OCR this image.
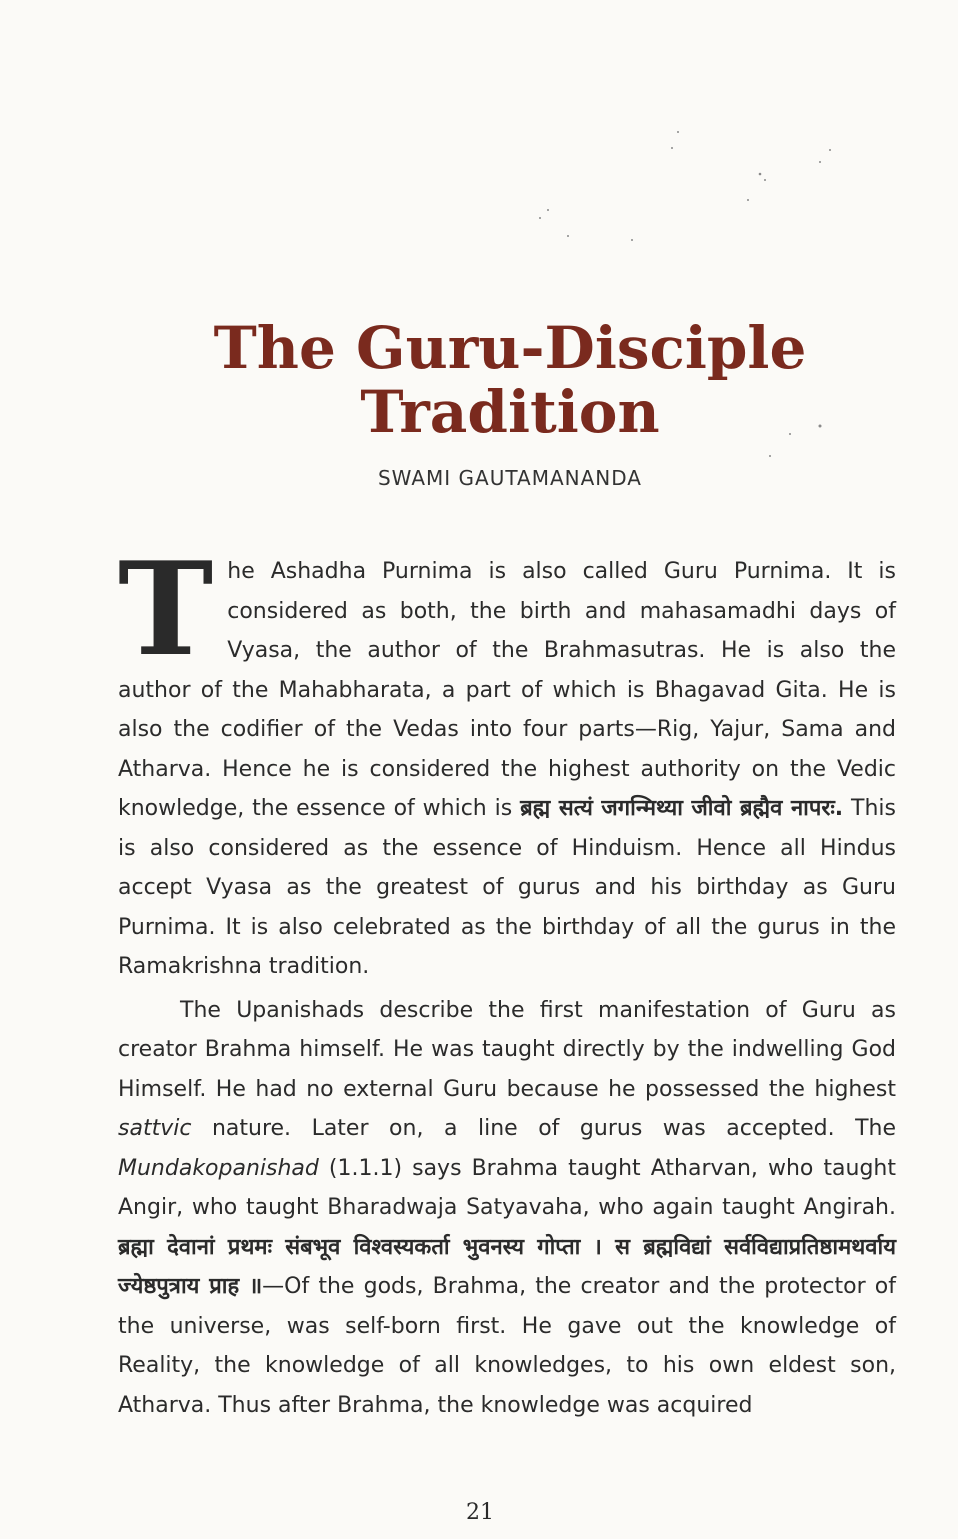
The Guru-Disciple
Tradition
SWAMI GAUTAMANANDA

The Ashadha Purnima is also called Guru Purnima. It is considered as both, the birth and mahasamadhi days of Vyasa, the author of the Brahmasutras. He is also the author of the Mahabharata, a part of which is Bhagavad Gita. He is also the codifier of the Vedas into four parts—Rig, Yajur, Sama and Atharva. Hence he is considered the highest authority on the Vedic knowledge, the essence of which is ब्रह्म सत्यं जगन्मिथ्या जीवो ब्रह्मैव नापरः. This is also considered as the essence of Hinduism. Hence all Hindus accept Vyasa as the greatest of gurus and his birthday as Guru Purnima. It is also celebrated as the birthday of all the gurus in the Ramakrishna tradition.

The Upanishads describe the first manifestation of Guru as creator Brahma himself. He was taught directly by the indwelling God Himself. He had no external Guru because he possessed the highest sattvic nature. Later on, a line of gurus was accepted. The Mundakopanishad (1.1.1) says Brahma taught Atharvan, who taught Angir, who taught Bharadwaja Satyavaha, who again taught Angirah. ब्रह्मा देवानां प्रथमः संबभूव विश्वस्यकर्ता भुवनस्य गोप्ता । स ब्रह्मविद्यां सर्वविद्याप्रतिष्ठामथर्वाय ज्येष्ठपुत्राय प्राह ॥—Of the gods, Brahma, the creator and the protector of the universe, was self-born first. He gave out the knowledge of Reality, the knowledge of all knowledges, to his own eldest son, Atharva. Thus after Brahma, the knowledge was acquired

21
